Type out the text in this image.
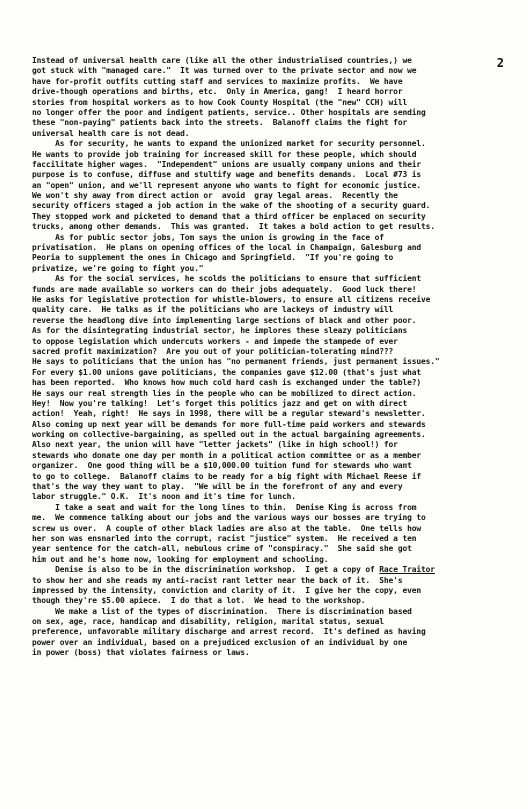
2
Instead of universal health care (like all the other industrialised countries,) we
got stuck with "managed care."  It was turned over to the private sector and now we
have for-profit outfits cutting staff and services to maximize profits.  We have
drive-though operations and births, etc.  Only in America, gang!  I heard horror
stories from hospital workers as to how Cook County Hospital (the "new" CCH) will
no longer offer the poor and indigent patients, service.. Other hospitals are sending
these "non-paying" patients back into the streets.  Balanoff claims the fight for
universal health care is not dead.
As for security, he wants to expand the unionized market for security personnel.
He wants to provide job training for increased skill for these people, which should
faccilitate higher wages.  "Independent" unions are usually company unions and their
purpose is to confuse, diffuse and stultify wage and benefits demands.  Local #73 is
an "open" union, and we'll represent anyone who wants to fight for economic justice.
We won't shy away from direct action or  avoid  gray legal areas.  Recently the
security officers staged a job action in the wake of the shooting of a security guard.
They stopped work and picketed to demand that a third officer be enplaced on security
trucks, among other demands.  This was granted.  It takes a bold action to get results.
As for public sector jobs, Tom says the union is growing in the face of
privatisation.  He plans on opening offices of the local in Champaign, Galesburg and
Peoria to supplement the ones in Chicago and Springfield.  "If you're going to
privatize, we're going to fight you."
As for the social services, he scolds the politicians to ensure that sufficient
funds are made available so workers can do their jobs adequately.  Good luck there!
He asks for legislative protection for whistle-blowers, to ensure all citizens receive
quality care.  He talks as if the politicians who are lackeys of industry will
reverse the headlong dive into implementing large sections of black and other poor.
As for the disintegrating industrial sector, he implores these sleazy politicians
to oppose legislation which undercuts workers - and impede the stampede of ever
sacred profit maximization?  Are you out of your politician-tolerating mind???
He says to politicians that the union has "no permanent friends, just permanent issues."
For every $1.00 unions gave politicians, the companies gave $12.00 (that's just what
has been reported.  Who knows how much cold hard cash is exchanged under the table?)
He says our real strength lies in the people who can be mobilized to direct action.
Hey!  Now you're talking!  Let's forget this politics jazz and get on with direct
action!  Yeah, right!  He says in 1998, there will be a regular steward's newsletter.
Also coming up next year will be demands for more full-time paid workers and stewards
working on collective-bargaining, as spelled out in the actual bargaining agreements.
Also next year, the union will have "letter jackets" (like in high school!) for
stewards who donate one day per month in a political action committee or as a member
organizer.  One good thing will be a $10,000.00 tuition fund for stewards who want
to go to college.  Balanoff claims to be ready for a big fight with Michael Reese if
that's the way they want to play.  "We will be in the forefront of any and every
labor struggle." O.K.  It's noon and it's time for lunch.
I take a seat and wait for the long lines to thin.  Denise King is across from
me.  We commence talking about our jobs and the various ways our bosses are trying to
screw us over.  A couple of other black ladies are also at the table.  One tells how
her son was ensnarled into the corrupt, racist "justice" system.  He received a ten
year sentence for the catch-all, nebulous crime of "conspiracy."  She said she got
him out and he's home now, looking for employment and schooling.
Denise is also to be in the discrimination workshop.  I get a copy of Race Traitor
to show her and she reads my anti-racist rant letter near the back of it.  She's
impressed by the intensity, conviction and clarity of it.  I give her the copy, even
though they're $5.00 apiece.  I do that a lot.  We head to the workshop.
We make a list of the types of discrimination.  There is discrimination based
on sex, age, race, handicap and disability, religion, marital status, sexual
preference, unfavorable military discharge and arrest record.  It's defined as having
power over an individual, based on a prejudiced exclusion of an individual by one
in power (boss) that violates fairness or laws.
